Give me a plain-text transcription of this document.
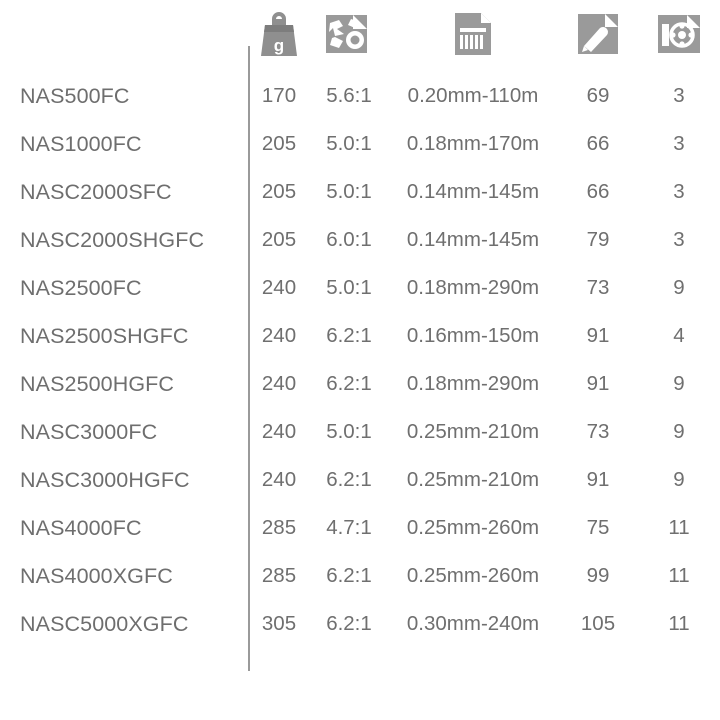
g

NAS500FC	170	5.6:1	0.20mm-110m	69	3
NAS1000FC	205	5.0:1	0.18mm-170m	66	3
NASC2000SFC	205	5.0:1	0.14mm-145m	66	3
NASC2000SHGFC	205	6.0:1	0.14mm-145m	79	3
NAS2500FC	240	5.0:1	0.18mm-290m	73	9
NAS2500SHGFC	240	6.2:1	0.16mm-150m	91	4
NAS2500HGFC	240	6.2:1	0.18mm-290m	91	9
NASC3000FC	240	5.0:1	0.25mm-210m	73	9
NASC3000HGFC	240	6.2:1	0.25mm-210m	91	9
NAS4000FC	285	4.7:1	0.25mm-260m	75	11
NAS4000XGFC	285	6.2:1	0.25mm-260m	99	11
NASC5000XGFC	305	6.2:1	0.30mm-240m	105	11
